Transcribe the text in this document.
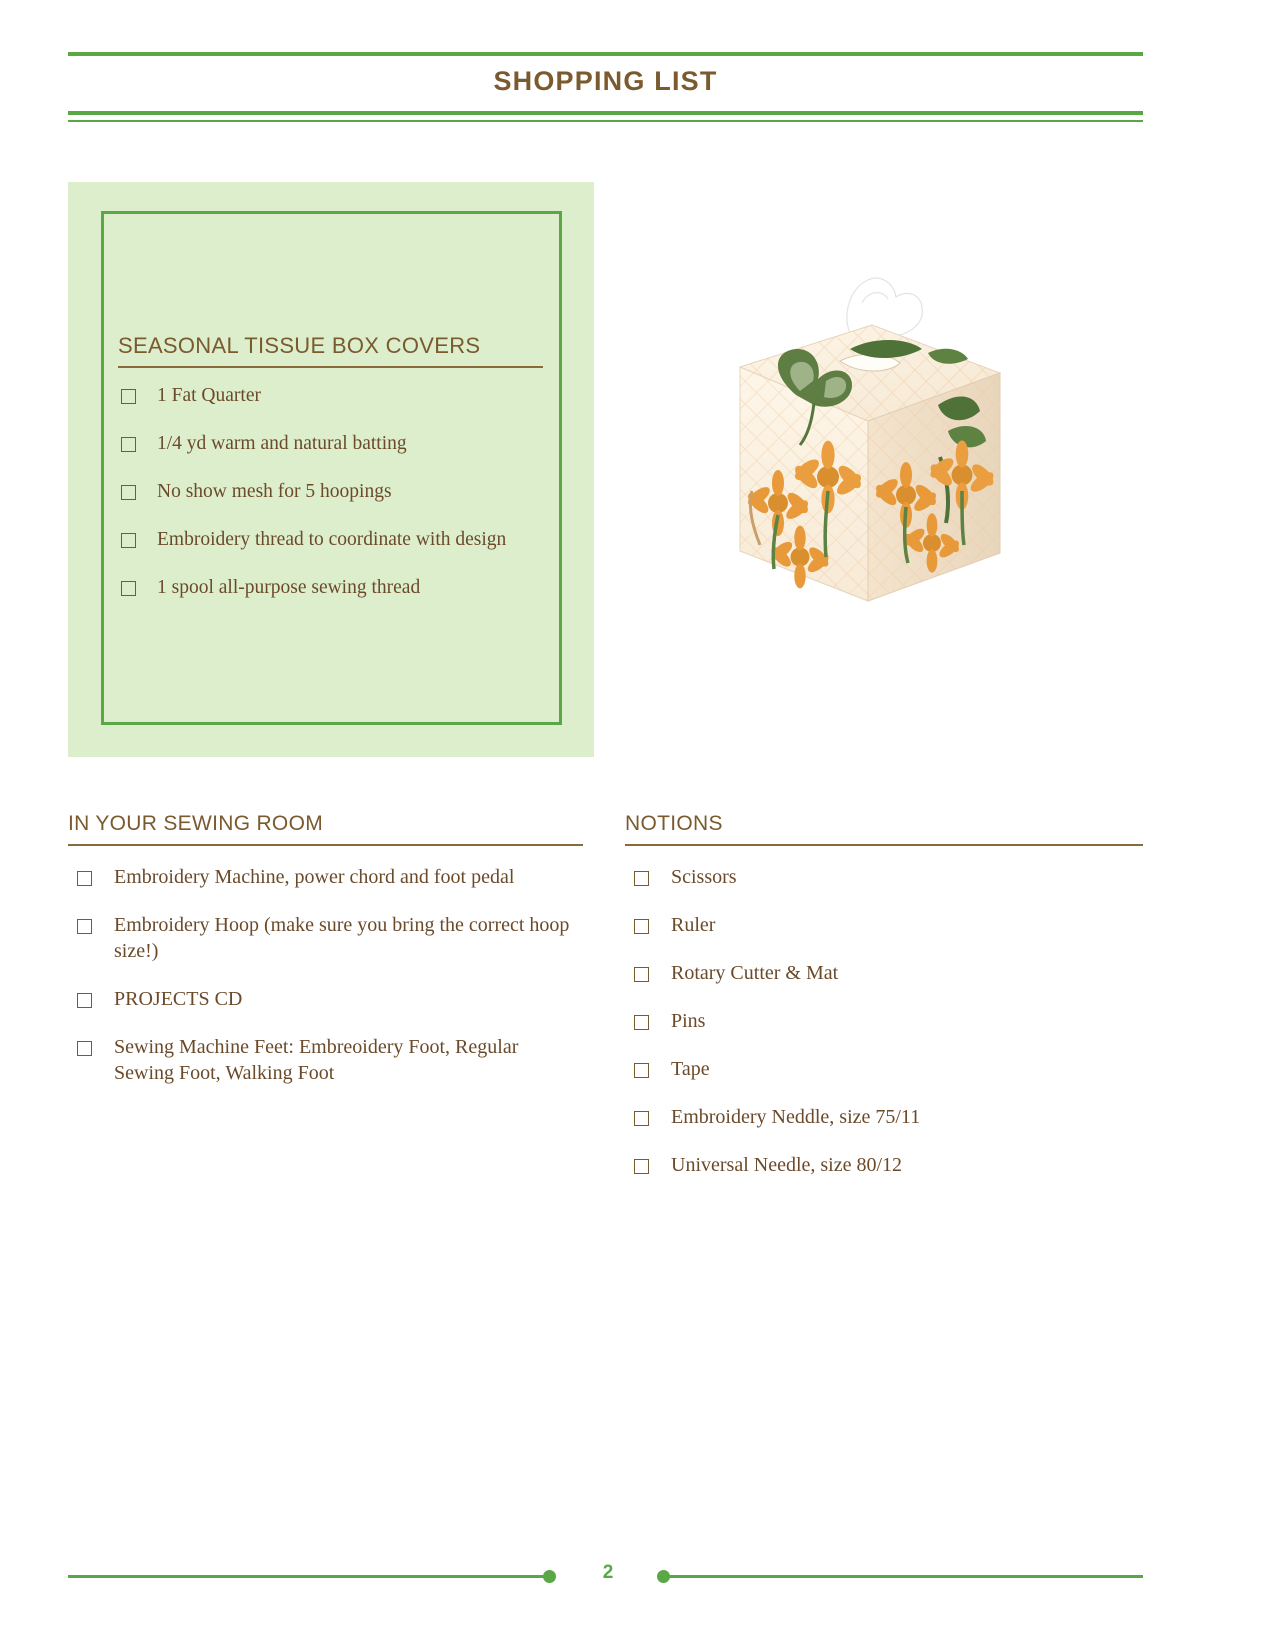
SHOPPING LIST
SEASONAL TISSUE BOX COVERS
1 Fat Quarter
1/4 yd warm and natural batting
No show mesh for 5 hoopings
Embroidery thread to coordinate with design
1 spool all-purpose sewing thread
IN YOUR SEWING ROOM
Embroidery Machine, power chord and foot pedal
Embroidery Hoop (make sure you bring the correct hoop size!)
PROJECTS CD
Sewing Machine Feet: Embreoidery Foot, Regular Sewing Foot, Walking Foot
NOTIONS
Scissors
Ruler
Rotary Cutter & Mat
Pins
Tape
Embroidery Neddle, size 75/11
Universal Needle, size 80/12
2
